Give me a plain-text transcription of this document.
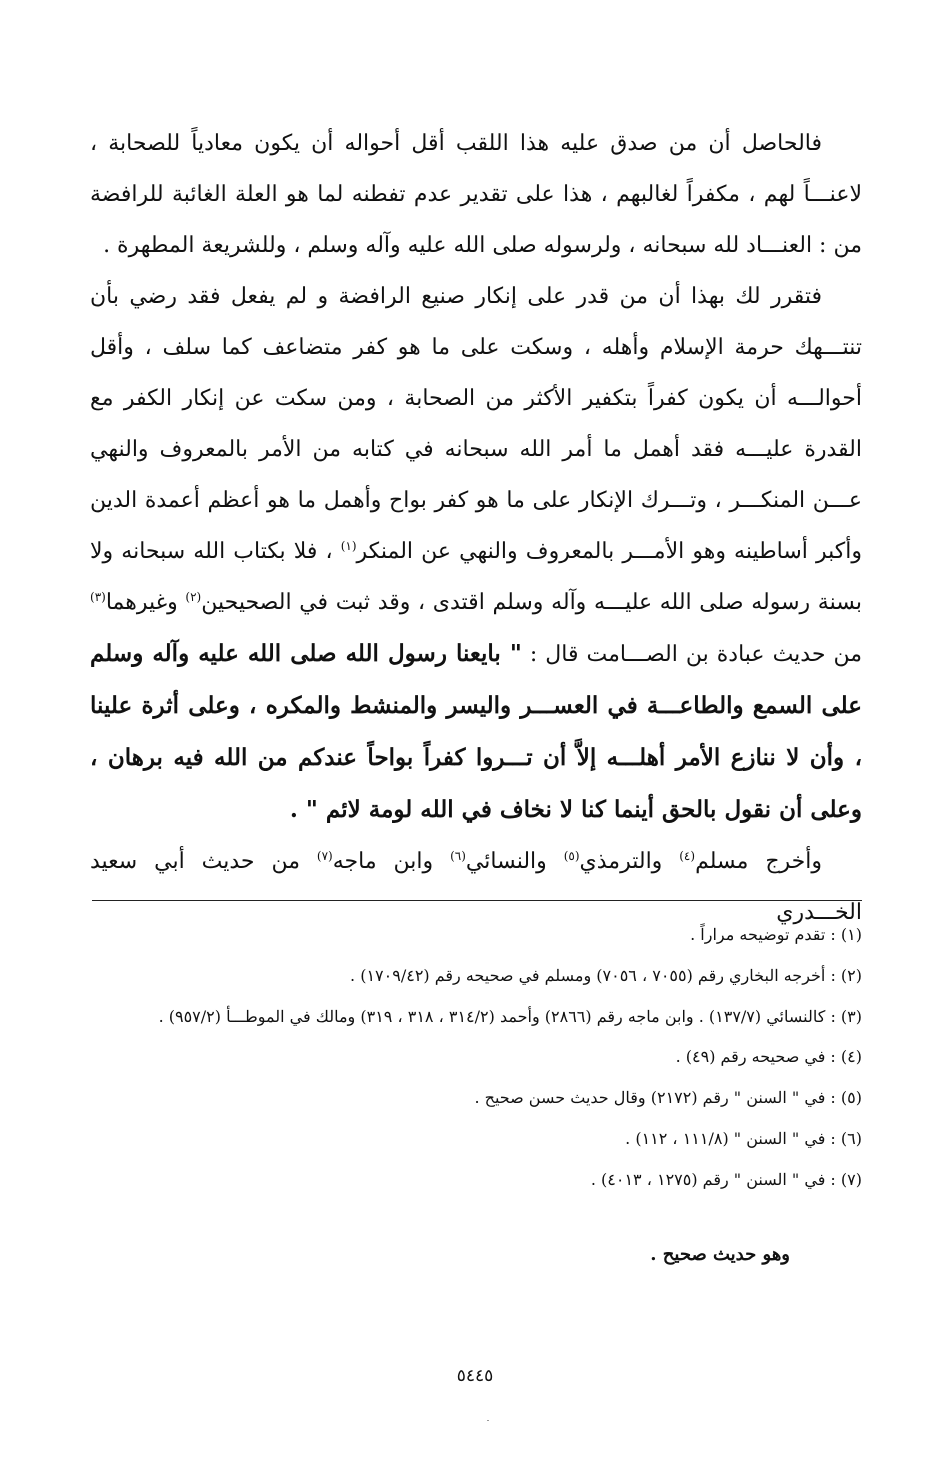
فالحاصل أن من صدق عليه هذا اللقب أقل أحواله أن يكون معادياً للصحابة ، لاعنـــاً لهم ، مكفراً لغالبهم ، هذا على تقدير عدم تفطنه لما هو العلة الغائبة للرافضة من : العنـــاد لله سبحانه ، ولرسوله صلى الله عليه وآله وسلم ، وللشريعة المطهرة .

فتقرر لك بهذا أن من قدر على إنكار صنيع الرافضة و لم يفعل فقد رضي بأن تنتـــهك حرمة الإسلام وأهله ، وسكت على ما هو كفر متضاعف كما سلف ، وأقل أحوالـــه أن يكون كفراً بتكفير الأكثر من الصحابة ، ومن سكت عن إنكار الكفر مع القدرة عليـــه فقد أهمل ما أمر الله سبحانه في كتابه من الأمر بالمعروف والنهي عـــن المنكـــر ، وتـــرك الإنكار على ما هو كفر بواح وأهمل ما هو أعظم أعمدة الدين وأكبر أساطينه وهو الأمـــر بالمعروف والنهي عن المنكر$^{(١)}$ ، فلا بكتاب الله سبحانه ولا بسنة رسوله صلى الله عليـــه وآله وسلم اقتدى ، وقد ثبت في الصحيحين$^{(٢)}$ وغيرهما$^{(٣)}$ من حديث عبادة بن الصـــامت قال : " بايعنا رسول الله صلى الله عليه وآله وسلم على السمع والطاعـــة في العســـر واليسر والمنشط والمكره ، وعلى أثرة علينا ، وأن لا ننازع الأمر أهلـــه إلاَّ أن تـــروا كفراً بواحاً عندكم من الله فيه برهان ، وعلى أن نقول بالحق أينما كنا لا نخاف في الله لومة لائم " .

وأخرج مسلم$^{(٤)}$ والترمذي$^{(٥)}$ والنسائي$^{(٦)}$ وابن ماجه$^{(٧)}$ من حديث أبي سعيد الخـــدري

(١) : تقدم توضيحه مراراً .

(٢) : أخرجه البخاري رقم (٧٠٥٥ ، ٧٠٥٦) ومسلم في صحيحه رقم (١٧٠٩/٤٢) .

(٣) : كالنسائي (١٣٧/٧) . وابن ماجه رقم (٢٨٦٦) وأحمد (٣١٤/٢ ، ٣١٨ ، ٣١٩) ومالك في الموطـــأ (٩٥٧/٢) .

(٤) : في صحيحه رقم (٤٩) .

(٥) : في " السنن " رقم (٢١٧٢) وقال حديث حسن صحيح .

(٦) : في " السنن " (١١١/٨ ، ١١٢) .

(٧) : في " السنن " رقم (١٢٧٥ ، ٤٠١٣) .

وهو حديث صحيح .
٥٤٤٥
